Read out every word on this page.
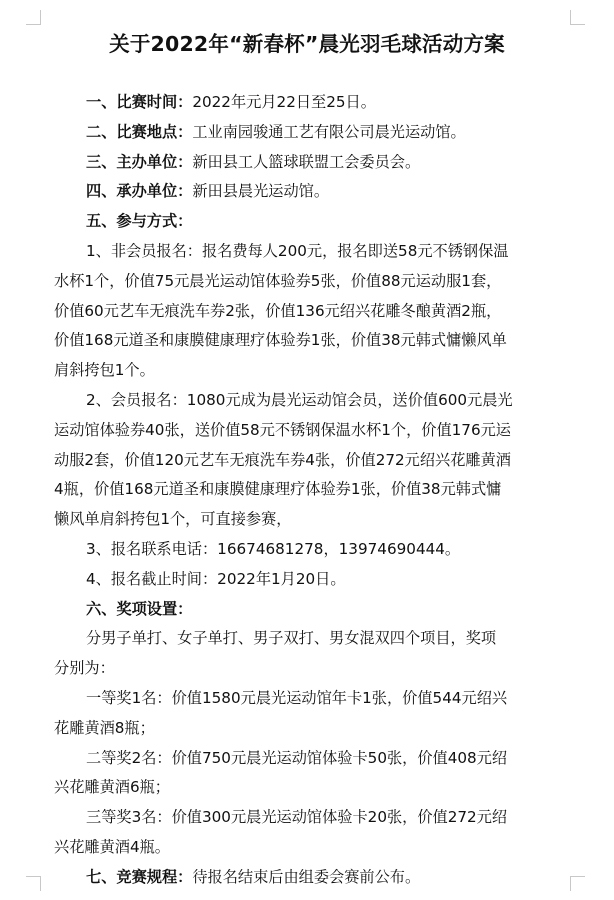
关于2022年“新春杯”晨光羽毛球活动方案

一、比赛时间：2022年元月22日至25日。

二、比赛地点：工业南园骏通工艺有限公司晨光运动馆。

三、主办单位：新田县工人篮球联盟工会委员会。

四、承办单位：新田县晨光运动馆。

五、参与方式：

1、非会员报名：报名费每人200元，报名即送58元不锈钢保温

水杯1个，价值75元晨光运动馆体验券5张，价值88元运动服1套，

价值60元艺车无痕洗车券2张，价值136元绍兴花雕冬酿黄酒2瓶，

价值168元道圣和康膜健康理疗体验券1张，价值38元韩式慵懒风单

肩斜挎包1个。

2、会员报名：1080元成为晨光运动馆会员，送价值600元晨光

运动馆体验券40张，送价值58元不锈钢保温水杯1个，价值176元运

动服2套，价值120元艺车无痕洗车券4张，价值272元绍兴花雕黄酒

4瓶，价值168元道圣和康膜健康理疗体验券1张，价值38元韩式慵

懒风单肩斜挎包1个，可直接参赛，

3、报名联系电话：16674681278，13974690444。

4、报名截止时间：2022年1月20日。

六、奖项设置：

分男子单打、女子单打、男子双打、男女混双四个项目，奖项

分别为：

一等奖1名：价值1580元晨光运动馆年卡1张，价值544元绍兴

花雕黄酒8瓶；

二等奖2名：价值750元晨光运动馆体验卡50张，价值408元绍

兴花雕黄酒6瓶；

三等奖3名：价值300元晨光运动馆体验卡20张，价值272元绍

兴花雕黄酒4瓶。

七、竞赛规程：待报名结束后由组委会赛前公布。
